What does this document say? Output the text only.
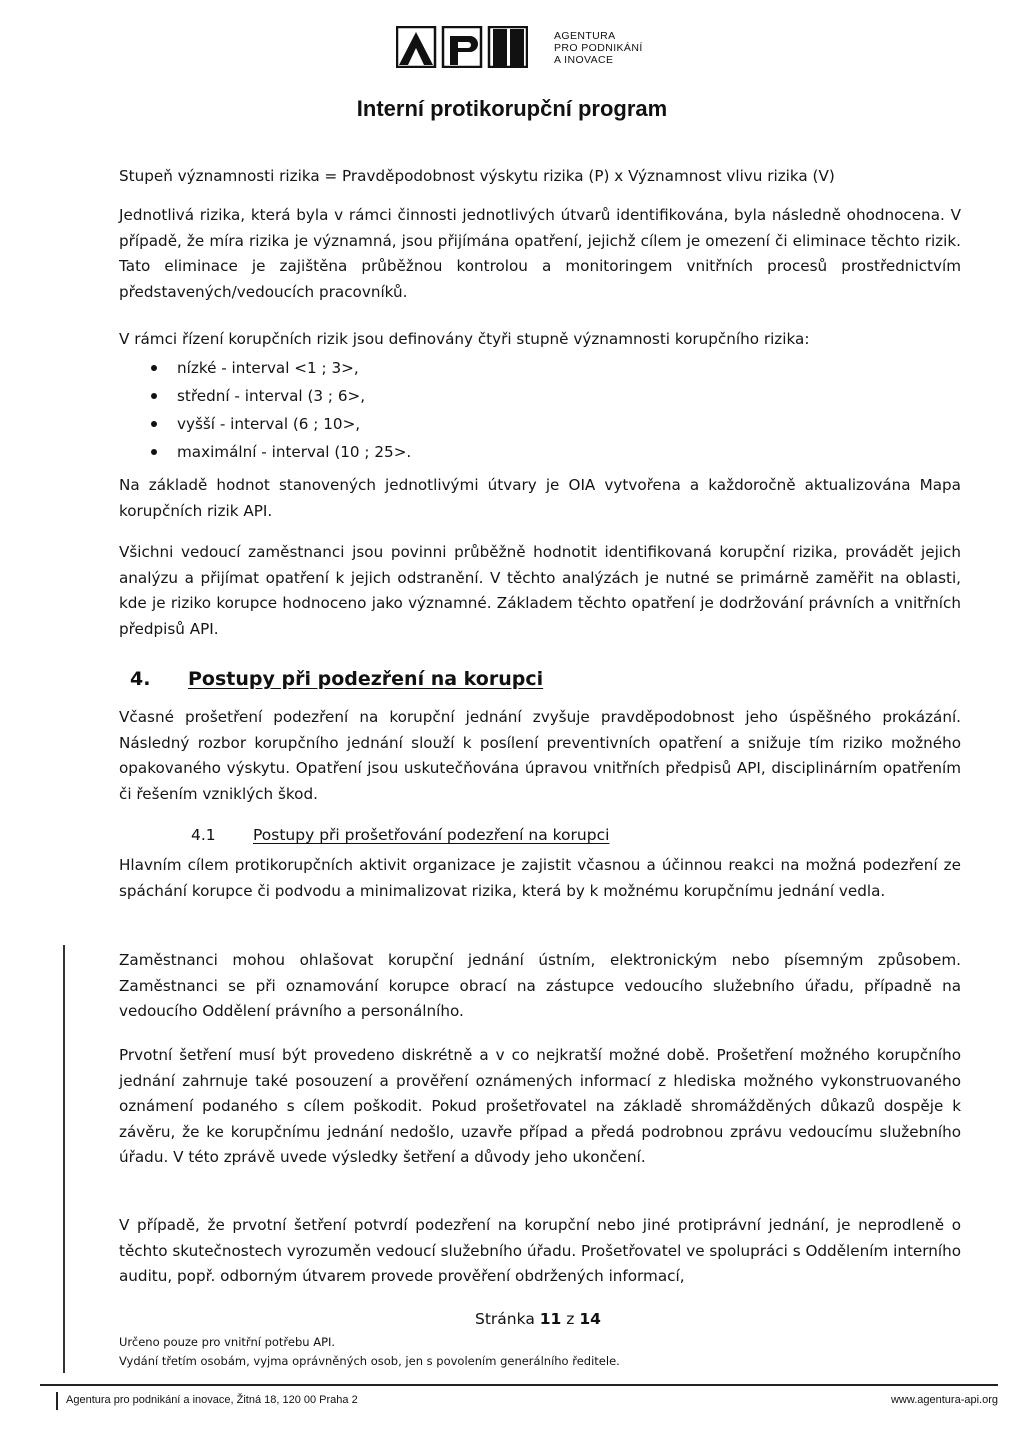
AGENTURA
PRO PODNIKÁNÍ
A INOVACE
Interní protikorupční program

Stupeň významnosti rizika = Pravděpodobnost výskytu rizika (P) x Významnost vlivu rizika (V)

Jednotlivá rizika, která byla v rámci činnosti jednotlivých útvarů identifikována, byla následně ohodnocena. V případě, že míra rizika je významná, jsou přijímána opatření, jejichž cílem je omezení či eliminace těchto rizik. Tato eliminace je zajištěna průběžnou kontrolou a monitoringem vnitřních procesů prostřednictvím představených/vedoucích pracovníků.

V rámci řízení korupčních rizik jsou definovány čtyři stupně významnosti korupčního rizika:

nízké - interval <1 ; 3>,
střední - interval (3 ; 6>,
vyšší - interval (6 ; 10>,
maximální - interval (10 ; 25>.

Na základě hodnot stanovených jednotlivými útvary je OIA vytvořena a každoročně aktualizována Mapa korupčních rizik API.

Všichni vedoucí zaměstnanci jsou povinni průběžně hodnotit identifikovaná korupční rizika, provádět jejich analýzu a přijímat opatření k jejich odstranění. V těchto analýzách je nutné se primárně zaměřit na oblasti, kde je riziko korupce hodnoceno jako významné. Základem těchto opatření je dodržování právních a vnitřních předpisů API.

4. Postupy při podezření na korupci

Včasné prošetření podezření na korupční jednání zvyšuje pravděpodobnost jeho úspěšného prokázání. Následný rozbor korupčního jednání slouží k posílení preventivních opatření a snižuje tím riziko možného opakovaného výskytu. Opatření jsou uskutečňována úpravou vnitřních předpisů API, disciplinárním opatřením či řešením vzniklých škod.

4.1 Postupy při prošetřování podezření na korupci

Hlavním cílem protikorupčních aktivit organizace je zajistit včasnou a účinnou reakci na možná podezření ze spáchání korupce či podvodu a minimalizovat rizika, která by k možnému korupčnímu jednání vedla.

Zaměstnanci mohou ohlašovat korupční jednání ústním, elektronickým nebo písemným způsobem. Zaměstnanci se při oznamování korupce obrací na zástupce vedoucího služebního úřadu, případně na vedoucího Oddělení právního a personálního.

Prvotní šetření musí být provedeno diskrétně a v co nejkratší možné době. Prošetření možného korupčního jednání zahrnuje také posouzení a prověření oznámených informací z hlediska možného vykonstruovaného oznámení podaného s cílem poškodit. Pokud prošetřovatel na základě shromážděných důkazů dospěje k závěru, že ke korupčnímu jednání nedošlo, uzavře případ a předá podrobnou zprávu vedoucímu služebního úřadu. V této zprávě uvede výsledky šetření a důvody jeho ukončení.

V případě, že prvotní šetření potvrdí podezření na korupční nebo jiné protiprávní jednání, je neprodleně o těchto skutečnostech vyrozuměn vedoucí služebního úřadu. Prošetřovatel ve spolupráci s Oddělením interního auditu, popř. odborným útvarem provede prověření obdržených informací,

Stránka 11 z 14
Určeno pouze pro vnitřní potřebu API.
Vydání třetím osobám, vyjma oprávněných osob, jen s povolením generálního ředitele.
Agentura pro podnikání a inovace, Žitná 18, 120 00 Praha 2	www.agentura-api.org
